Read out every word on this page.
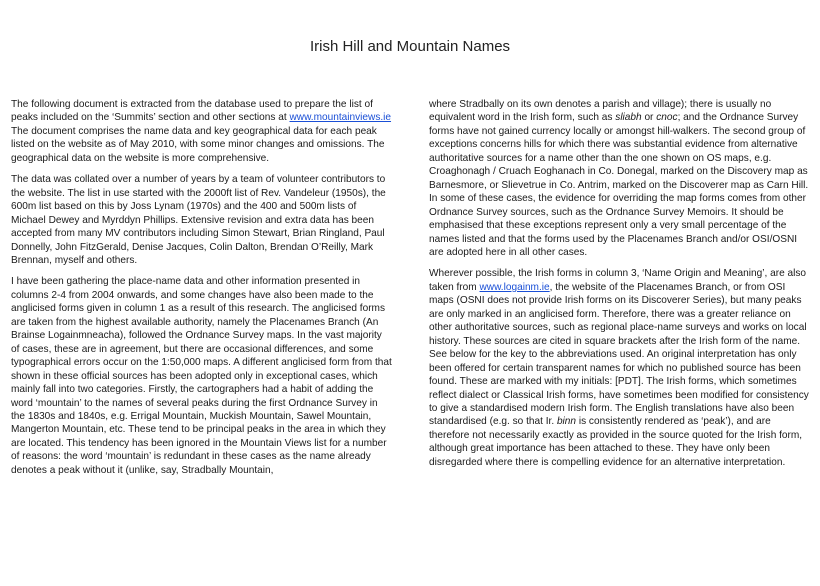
Irish Hill and Mountain Names

The following document is extracted from the database used to prepare the list of peaks included on the ‘Summits’ section and other sections at www.mountainviews.ie The document comprises the name data and key geographical data for each peak listed on the website as of May 2010, with some minor changes and omissions. The geographical data on the website is more comprehensive.

The data was collated over a number of years by a team of volunteer contributors to the website. The list in use started with the 2000ft list of Rev. Vandeleur (1950s), the 600m list based on this by Joss Lynam (1970s) and the 400 and 500m lists of Michael Dewey and Myrddyn Phillips. Extensive revision and extra data has been accepted from many MV contributors including Simon Stewart, Brian Ringland, Paul Donnelly, John FitzGerald, Denise Jacques, Colin Dalton, Brendan O’Reilly, Mark Brennan, myself and others.

I have been gathering the place-name data and other information presented in columns 2-4 from 2004 onwards, and some changes have also been made to the anglicised forms given in column 1 as a result of this research. The anglicised forms are taken from the highest available authority, namely the Placenames Branch (An Brainse Logainmneacha), followed the Ordnance Survey maps. In the vast majority of cases, these are in agreement, but there are occasional differences, and some typographical errors occur on the 1:50,000 maps. A different anglicised form from that shown in these official sources has been adopted only in exceptional cases, which mainly fall into two categories. Firstly, the cartographers had a habit of adding the word ‘mountain’ to the names of several peaks during the first Ordnance Survey in the 1830s and 1840s, e.g. Errigal Mountain, Muckish Mountain, Sawel Mountain, Mangerton Mountain, etc. These tend to be principal peaks in the area in which they are located. This tendency has been ignored in the Mountain Views list for a number of reasons: the word ‘mountain’ is redundant in these cases as the name already denotes a peak without it (unlike, say, Stradbally Mountain,

where Stradbally on its own denotes a parish and village); there is usually no equivalent word in the Irish form, such as sliabh or cnoc; and the Ordnance Survey forms have not gained currency locally or amongst hill-walkers. The second group of exceptions concerns hills for which there was substantial evidence from alternative authoritative sources for a name other than the one shown on OS maps, e.g. Croaghonagh / Cruach Eoghanach in Co. Donegal, marked on the Discovery map as Barnesmore, or Slievetrue in Co. Antrim, marked on the Discoverer map as Carn Hill. In some of these cases, the evidence for overriding the map forms comes from other Ordnance Survey sources, such as the Ordnance Survey Memoirs. It should be emphasised that these exceptions represent only a very small percentage of the names listed and that the forms used by the Placenames Branch and/or OSI/OSNI are adopted here in all other cases.

Wherever possible, the Irish forms in column 3, ‘Name Origin and Meaning’, are also taken from www.logainm.ie, the website of the Placenames Branch, or from OSI maps (OSNI does not provide Irish forms on its Discoverer Series), but many peaks are only marked in an anglicised form. Therefore, there was a greater reliance on other authoritative sources, such as regional place-name surveys and works on local history. These sources are cited in square brackets after the Irish form of the name. See below for the key to the abbreviations used. An original interpretation has only been offered for certain transparent names for which no published source has been found. These are marked with my initials: [PDT]. The Irish forms, which sometimes reflect dialect or Classical Irish forms, have sometimes been modified for consistency to give a standardised modern Irish form. The English translations have also been standardised (e.g. so that Ir. binn is consistently rendered as ‘peak’), and are therefore not necessarily exactly as provided in the source quoted for the Irish form, although great importance has been attached to these. They have only been disregarded where there is compelling evidence for an alternative interpretation.
